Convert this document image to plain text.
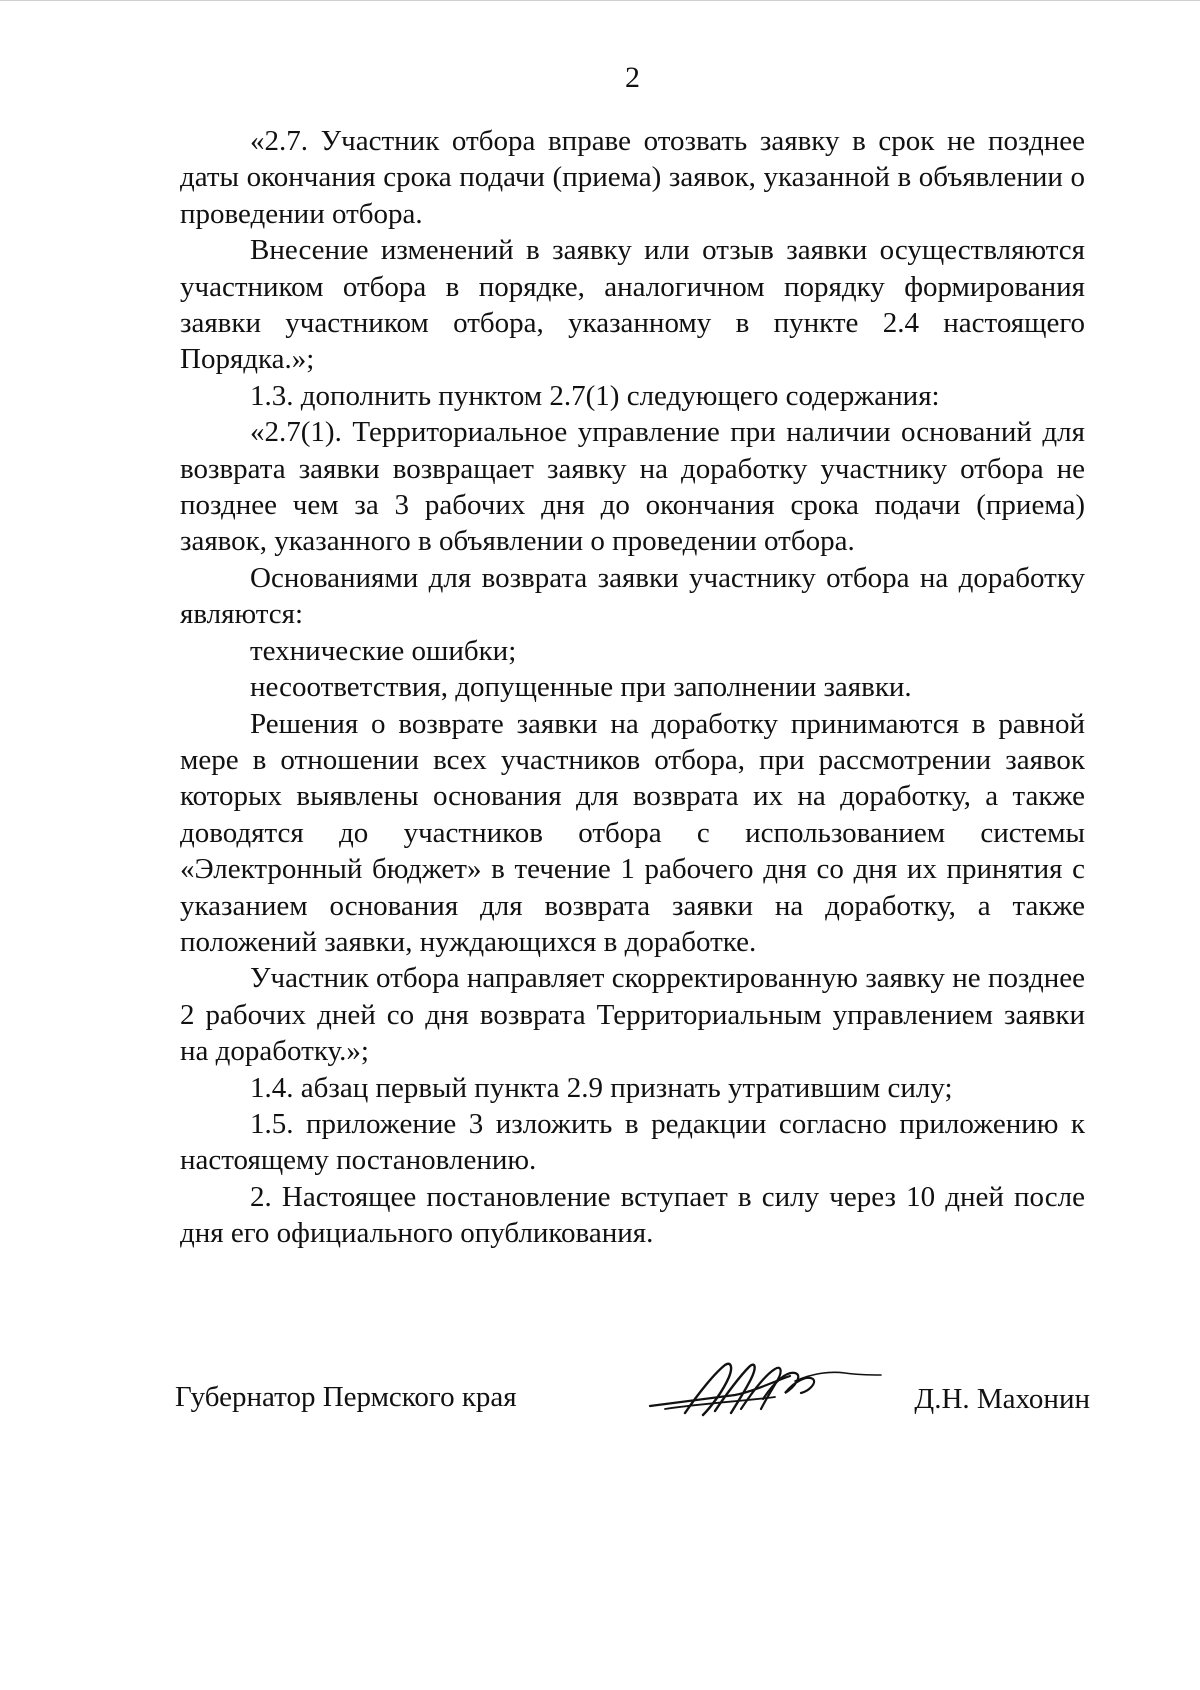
2

«2.7. Участник отбора вправе отозвать заявку в срок не позднее даты окончания срока подачи (приема) заявок, указанной в объявлении о проведении отбора.

Внесение изменений в заявку или отзыв заявки осуществляются участником отбора в порядке, аналогичном порядку формирования заявки участником отбора, указанному в пункте 2.4 настоящего Порядка.»;

1.3. дополнить пунктом 2.7(1) следующего содержания:

«2.7(1). Территориальное управление при наличии оснований для возврата заявки возвращает заявку на доработку участнику отбора не позднее чем за 3 рабочих дня до окончания срока подачи (приема) заявок, указанного в объявлении о проведении отбора.

Основаниями для возврата заявки участнику отбора на доработку являются:

технические ошибки;

несоответствия, допущенные при заполнении заявки.

Решения о возврате заявки на доработку принимаются в равной мере в отношении всех участников отбора, при рассмотрении заявок которых выявлены основания для возврата их на доработку, а также доводятся до участников отбора с использованием системы «Электронный бюджет» в течение 1 рабочего дня со дня их принятия с указанием основания для возврата заявки на доработку, а также положений заявки, нуждающихся в доработке.

Участник отбора направляет скорректированную заявку не позднее 2 рабочих дней со дня возврата Территориальным управлением заявки на доработку.»;

1.4. абзац первый пункта 2.9 признать утратившим силу;

1.5. приложение 3 изложить в редакции согласно приложению к настоящему постановлению.

2. Настоящее постановление вступает в силу через 10 дней после дня его официального опубликования.

Губернатор Пермского края	Д.Н. Махонин
